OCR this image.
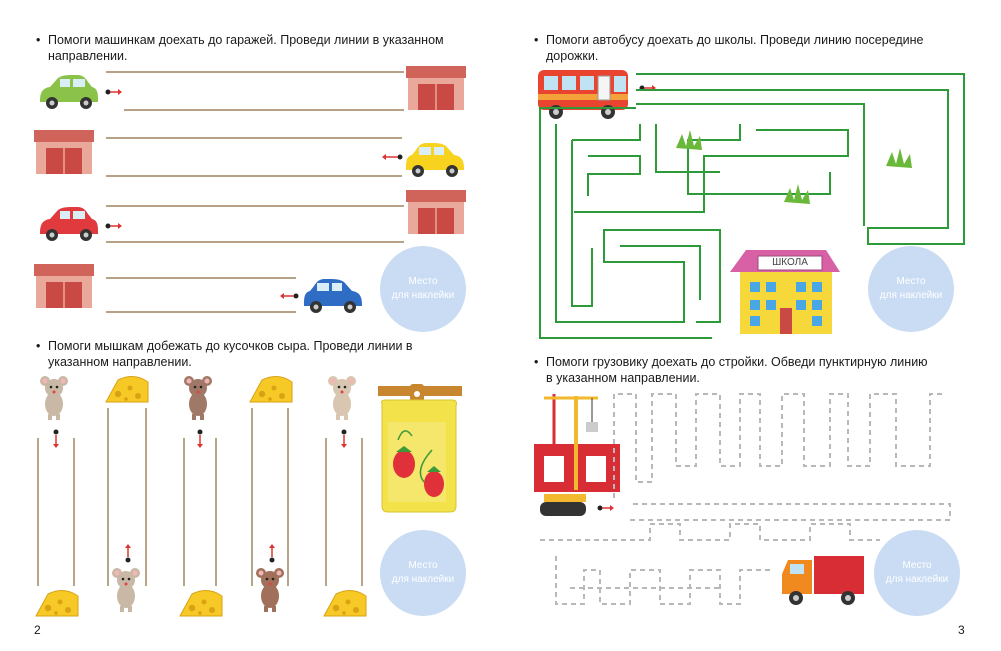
• Помоги машинкам доехать до гаражей. Проведи линии в указанном
направлении.
• Помоги мышкам добежать до кусочков сыра. Проведи линии в
указанном направлении.
Место
для наклейки
Место
для наклейки
2
• Помоги автобусу доехать до школы. Проведи линию посередине
дорожки.
ШКОЛА
• Помоги грузовику доехать до стройки. Обведи пунктирную линию
в указанном направлении.
Место
для наклейки
Место
для наклейки
3
